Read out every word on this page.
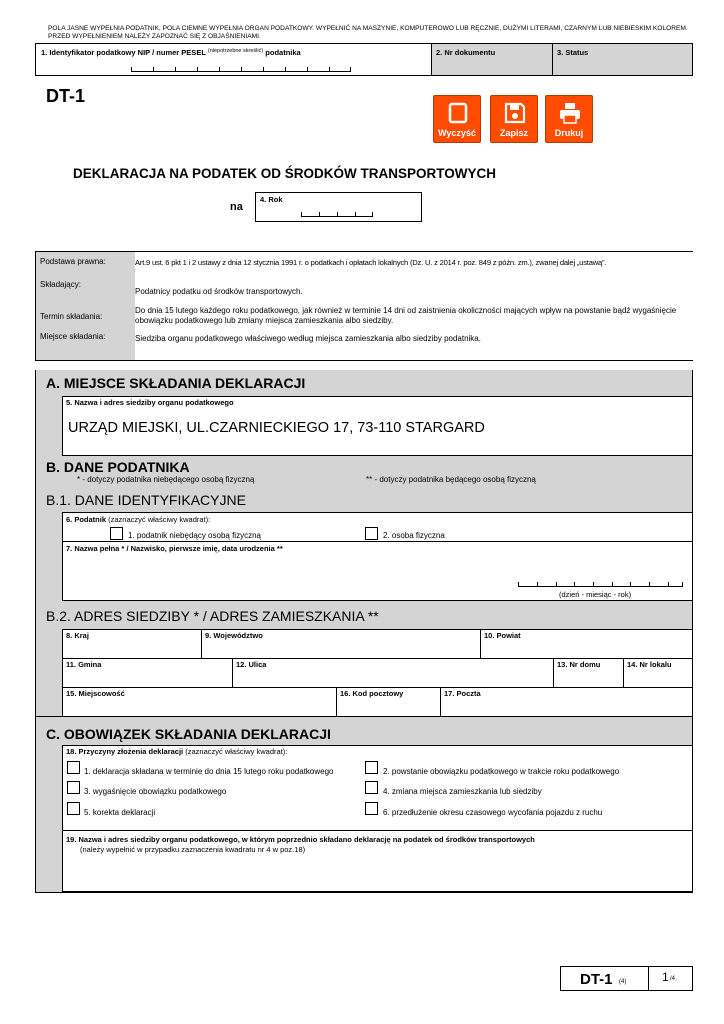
POLA JASNE WYPEŁNIA PODATNIK, POLA CIEMNE WYPEŁNIA ORGAN PODATKOWY. WYPEŁNIĆ NA MASZYNIE, KOMPUTEROWO LUB RĘCZNIE, DUŻYMI LITERAMI, CZARNYM LUB NIEBIESKIM KOLOREM. PRZED WYPEŁNIENIEM NALEŻY ZAPOZNAĆ SIĘ Z OBJAŚNIENIAMI.
1. Identyfikator podatkowy NIP / numer PESEL $^{(niepotrzebne skreślić)}$ podatnika	2. Nr dokumentu	3. Status
DT-1
Wyczyść	Zapisz	Drukuj
DEKLARACJA NA PODATEK OD ŚRODKÓW TRANSPORTOWYCH
na
4. Rok
Podstawa prawna:	Art.9 ust. 6 pkt 1 i 2 ustawy z dnia 12 stycznia 1991 r. o podatkach i opłatach lokalnych (Dz. U. z 2014 r. poz. 849 z późn. zm.), zwanej dalej „ustawą”.
Składający:
Podatnicy podatku od środków transportowych.
Termin składania:
Do dnia 15 lutego każdego roku podatkowego, jak również w terminie 14 dni od zaistnienia okoliczności mających wpływ na powstanie bądź wygaśnięcie obowiązku podatkowego lub zmiany miejsca zamieszkania albo siedziby.
Miejsce składania:	Siedziba organu podatkowego właściwego według miejsca zamieszkania albo siedziby podatnika.
A. MIEJSCE SKŁADANIA DEKLARACJI
5. Nazwa i adres siedziby organu podatkowego
URZĄD MIEJSKI, UL.CZARNIECKIEGO 17, 73-110 STARGARD
B. DANE PODATNIKA
* - dotyczy podatnika niebędącego osobą fizyczną	** - dotyczy podatnika będącego osobą fizyczną
B.1. DANE IDENTYFIKACYJNE
6. Podatnik (zaznaczyć właściwy kwadrat):
1. podatnik niebędący osobą fizyczną	2. osoba fizyczna
7. Nazwa pełna * / Nazwisko, pierwsze imię, data urodzenia **
(dzień - miesiąc - rok)
B.2. ADRES SIEDZIBY * / ADRES ZAMIESZKANIA **
8. Kraj	9. Województwo	10. Powiat
11. Gmina	12. Ulica	13. Nr domu	14. Nr lokalu
15. Miejscowość	16. Kod pocztowy	17. Poczta
C. OBOWIĄZEK SKŁADANIA DEKLARACJI
18. Przyczyny złożenia deklaracji (zaznaczyć właściwy kwadrat):
1. deklaracja składana w terminie do dnia 15 lutego roku podatkowego	2. powstanie obowiązku podatkowego w trakcie roku podatkowego
3. wygaśnięcie obowiązku podatkowego	4. zmiana miejsca zamieszkania lub siedziby
5. korekta deklaracji	6. przedłużenie okresu czasowego wycofania pojazdu z ruchu
19. Nazwa i adres siedziby organu podatkowego, w którym poprzednio składano deklarację na podatek od środków transportowych
(należy wypełnić w przypadku zaznaczenia kwadratu nr 4 w poz.18)
DT-1 (4)	1 /4
